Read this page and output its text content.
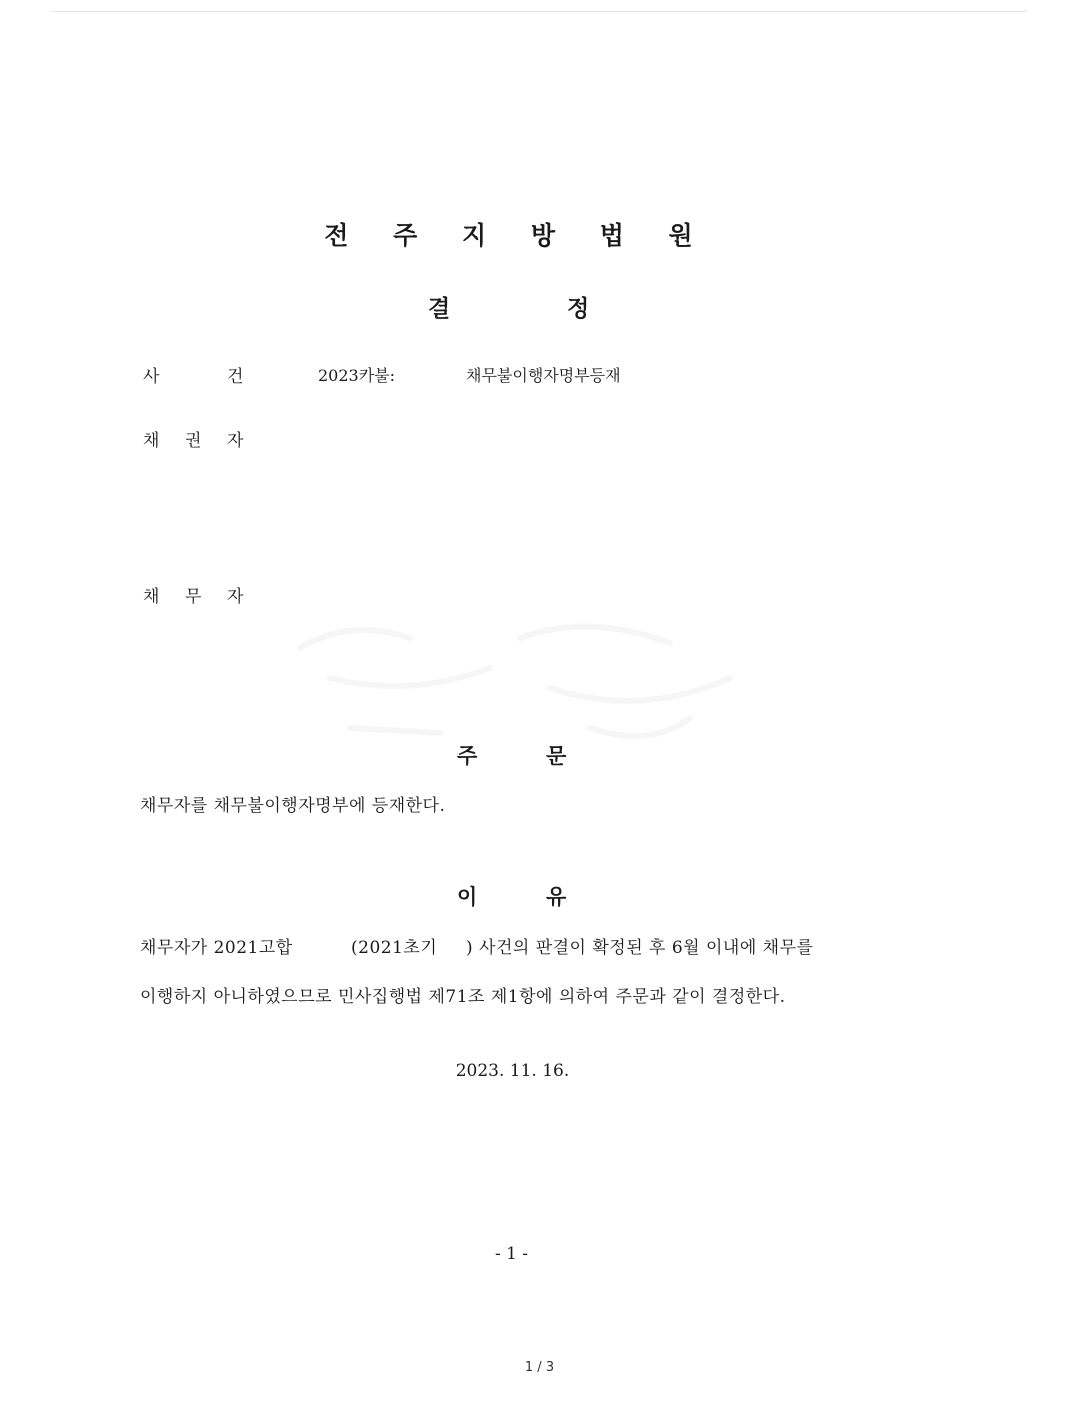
전 주 지 방 법 원
결	정
사	건	2023카불:	채무불이행자명부등재
채 권 자
채 무 자
주	문
채무자를 채무불이행자명부에 등재한다.
이	유
채무자가 2021고합	(2021초기 ) 사건의 판결이 확정된 후 6월 이내에 채무를
이행하지 아니하였으므로 민사집행법 제71조 제1항에 의하여 주문과 같이 결정한다.
2023. 11. 16.
- 1 -
1 / 3
